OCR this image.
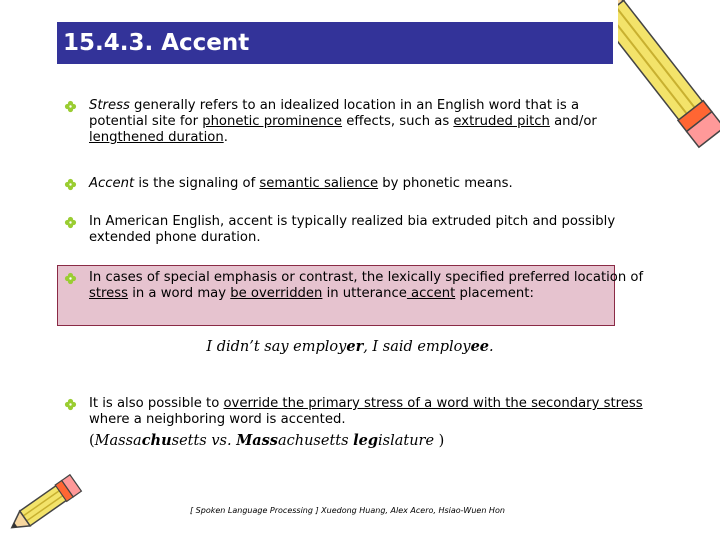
15.4.3. Accent
Stress generally refers to an idealized location in an English word that is a potential site for phonetic prominence effects, such as extruded pitch and/or lengthened duration.
Accent is the signaling of semantic salience by phonetic means.
In American English, accent is typically realized bia extruded pitch and possibly extended phone duration.
In cases of special emphasis or contrast, the lexically specified preferred location of stress in a word may be overridden in utterance accent placement:
It is also possible to override the primary stress of a word with the secondary stress where a neighboring word is accented.
I didn’t say employer, I said employee.
(Massachusetts vs. Massachusetts legislature )
[ Spoken Language Processing ] Xuedong Huang, Alex Acero, Hsiao-Wuen Hon
